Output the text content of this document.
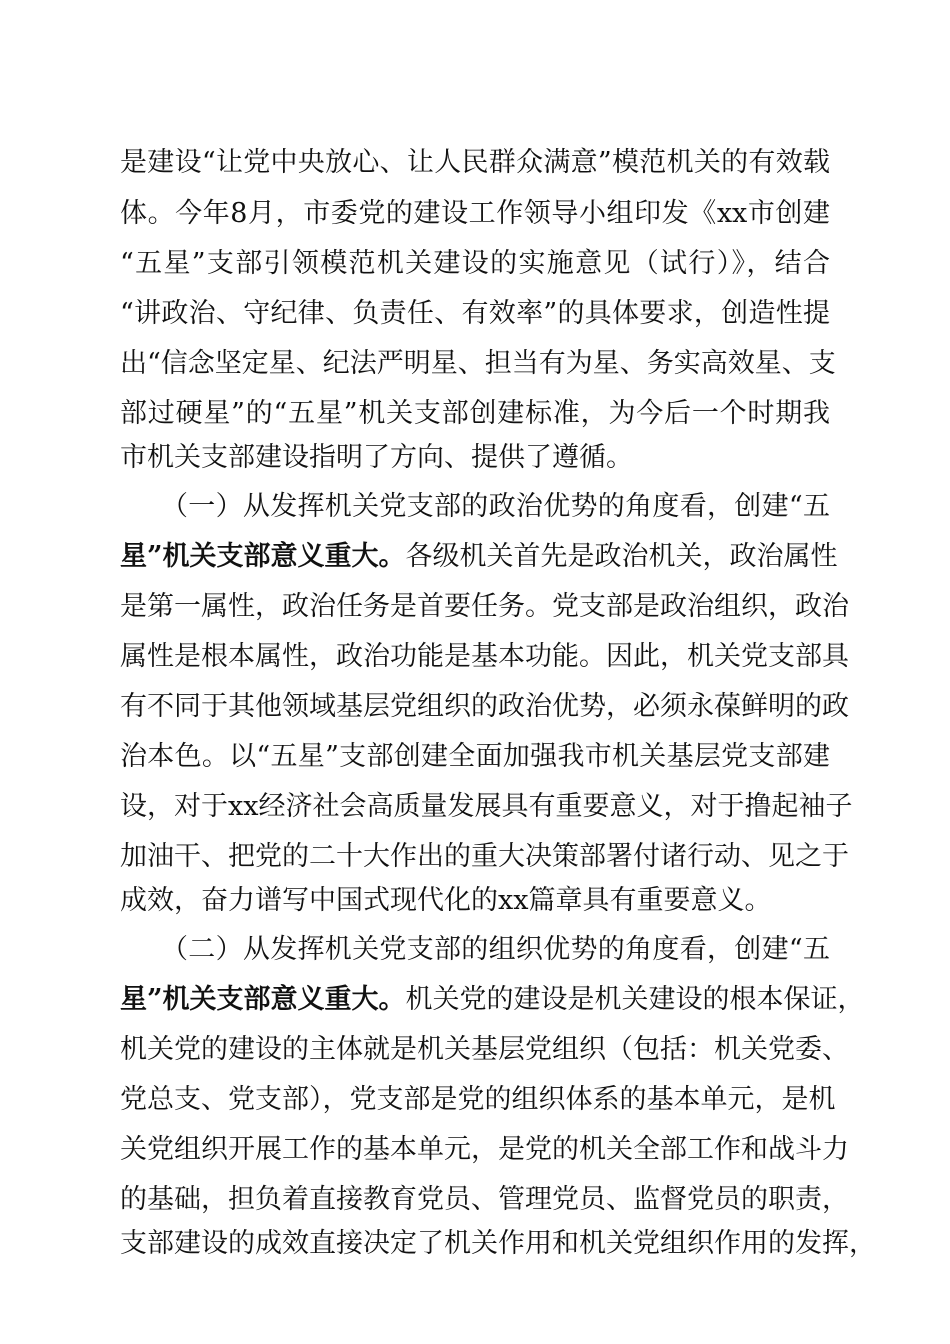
是建设“让党中央放心、让人民群众满意”模范机关的有效载
体。今年8月，市委党的建设工作领导小组印发《xx市创建
“五星”支部引领模范机关建设的实施意见（试行）》，结合
“讲政治、守纪律、负责任、有效率”的具体要求，创造性提
出“信念坚定星、纪法严明星、担当有为星、务实高效星、支
部过硬星”的“五星”机关支部创建标准，为今后一个时期我
市机关支部建设指明了方向、提供了遵循。
（一）从发挥机关党支部的政治优势的角度看，创建“五
星”机关支部意义重大。各级机关首先是政治机关，政治属性
是第一属性，政治任务是首要任务。党支部是政治组织，政治
属性是根本属性，政治功能是基本功能。因此，机关党支部具
有不同于其他领域基层党组织的政治优势，必须永葆鲜明的政
治本色。以“五星”支部创建全面加强我市机关基层党支部建
设，对于xx经济社会高质量发展具有重要意义，对于撸起袖子
加油干、把党的二十大作出的重大决策部署付诸行动、见之于
成效，奋力谱写中国式现代化的xx篇章具有重要意义。
（二）从发挥机关党支部的组织优势的角度看，创建“五
星”机关支部意义重大。机关党的建设是机关建设的根本保证，
机关党的建设的主体就是机关基层党组织（包括：机关党委、
党总支、党支部），党支部是党的组织体系的基本单元，是机
关党组织开展工作的基本单元，是党的机关全部工作和战斗力
的基础，担负着直接教育党员、管理党员、监督党员的职责，
支部建设的成效直接决定了机关作用和机关党组织作用的发挥，
